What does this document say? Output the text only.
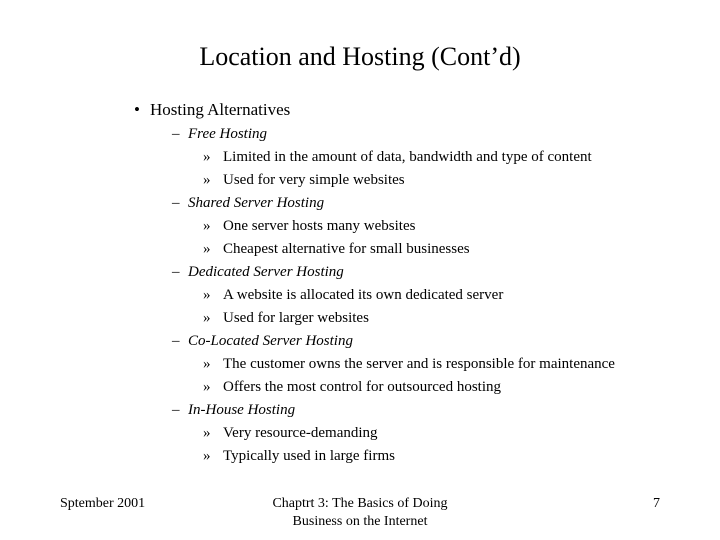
Location and Hosting (Cont’d)
• Hosting Alternatives
– Free Hosting
» Limited in the amount of data, bandwidth and type of content
» Used for very simple websites
– Shared Server Hosting
» One server hosts many websites
» Cheapest alternative for small businesses
– Dedicated Server Hosting
» A website is allocated its own dedicated server
» Used for larger websites
– Co-Located Server Hosting
» The customer owns the server and is responsible for maintenance
» Offers the most control for outsourced hosting
– In-House Hosting
» Very resource-demanding
» Typically used in large firms
Sptember 2001	Chaptrt 3: The Basics of Doing
Business on the Internet
7
